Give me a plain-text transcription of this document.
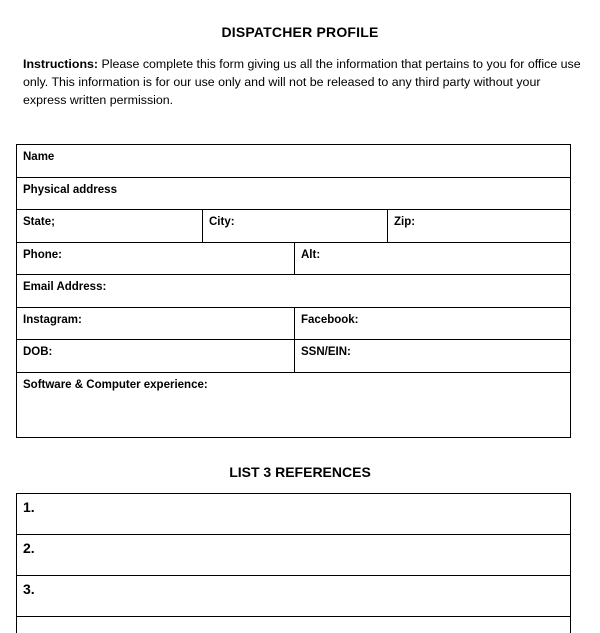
DISPATCHER PROFILE
Instructions: Please complete this form giving us all the information that pertains to you for office use only. This information is for our use only and will not be released to any third party without your express written permission.
Name
Physical address
State;	City:	Zip:
Phone:	Alt:
Email Address:
Instagram:	Facebook:
DOB:	SSN/EIN:
Software & Computer experience:
LIST 3 REFERENCES
1.
2.
3.
